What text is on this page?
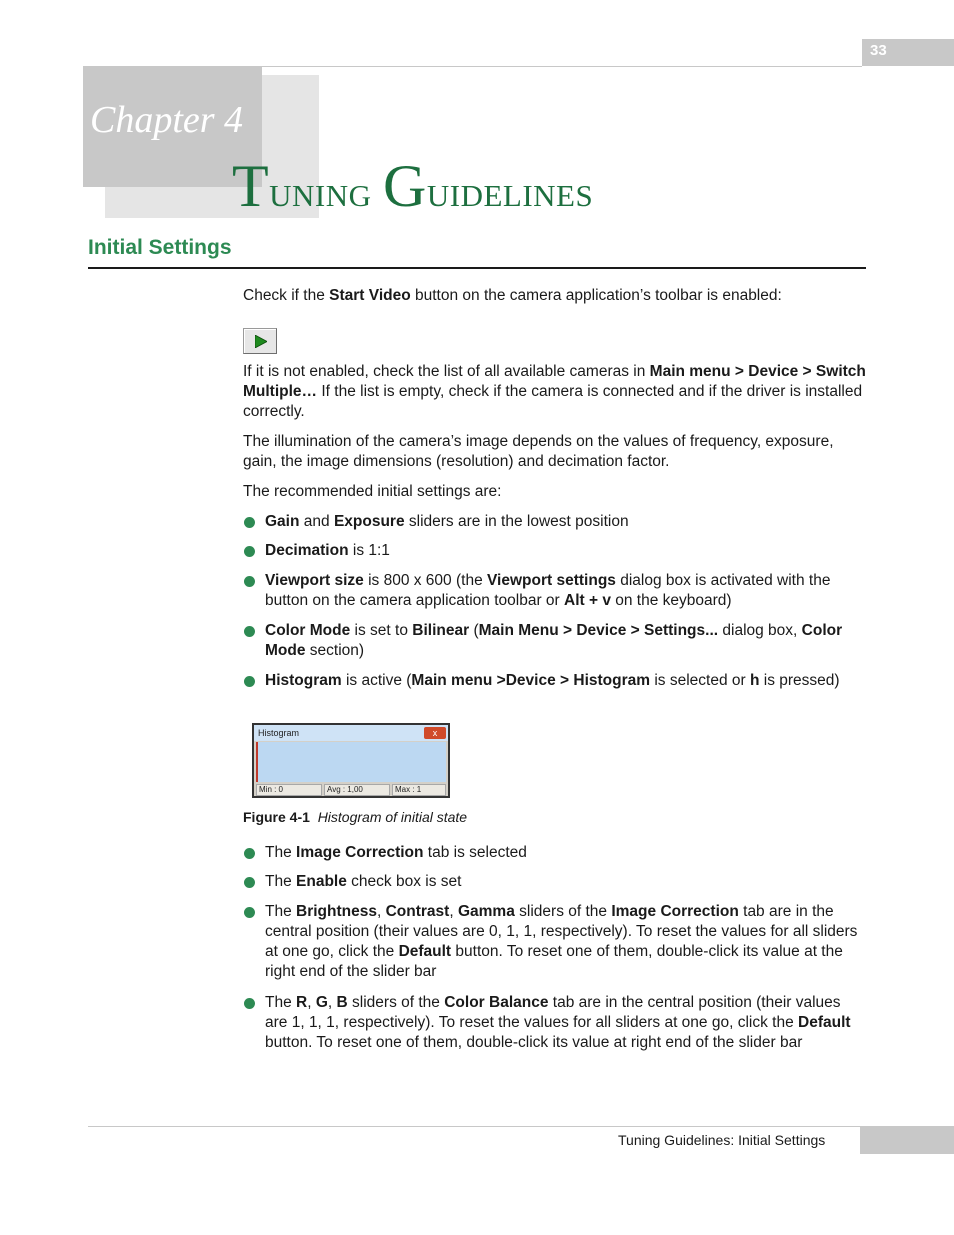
33
Chapter 4
Tuning Guidelines
Initial Settings
Check if the Start Video button on the camera application’s toolbar is enabled:
If it is not enabled, check the list of all available cameras in Main menu > Device > Switch Multiple… If the list is empty, check if the camera is connected and if the driver is installed correctly.
The illumination of the camera’s image depends on the values of frequency, exposure, gain, the image dimensions (resolution) and decimation factor.
The recommended initial settings are:
Gain and Exposure sliders are in the lowest position
Decimation is 1:1
Viewport size is 800 x 600 (the Viewport settings dialog box is activated with the button on the camera application toolbar or Alt + v on the keyboard)
Color Mode is set to Bilinear (Main Menu > Device > Settings... dialog box, Color Mode section)
Histogram is active (Main menu >Device > Histogram is selected or h is pressed)
Histogram	x
Min : 0	Avg : 1,00	Max : 1
Figure 4-1 Histogram of initial state
The Image Correction tab is selected
The Enable check box is set
The Brightness, Contrast, Gamma sliders of the Image Correction tab are in the central position (their values are 0, 1, 1, respectively). To reset the values for all sliders at one go, click the Default button. To reset one of them, double-click its value at the right end of the slider bar
The R, G, B sliders of the Color Balance tab are in the central position (their values are 1, 1, 1, respectively). To reset the values for all sliders at one go, click the Default button. To reset one of them, double-click its value at right end of the slider bar
Tuning Guidelines: Initial Settings
